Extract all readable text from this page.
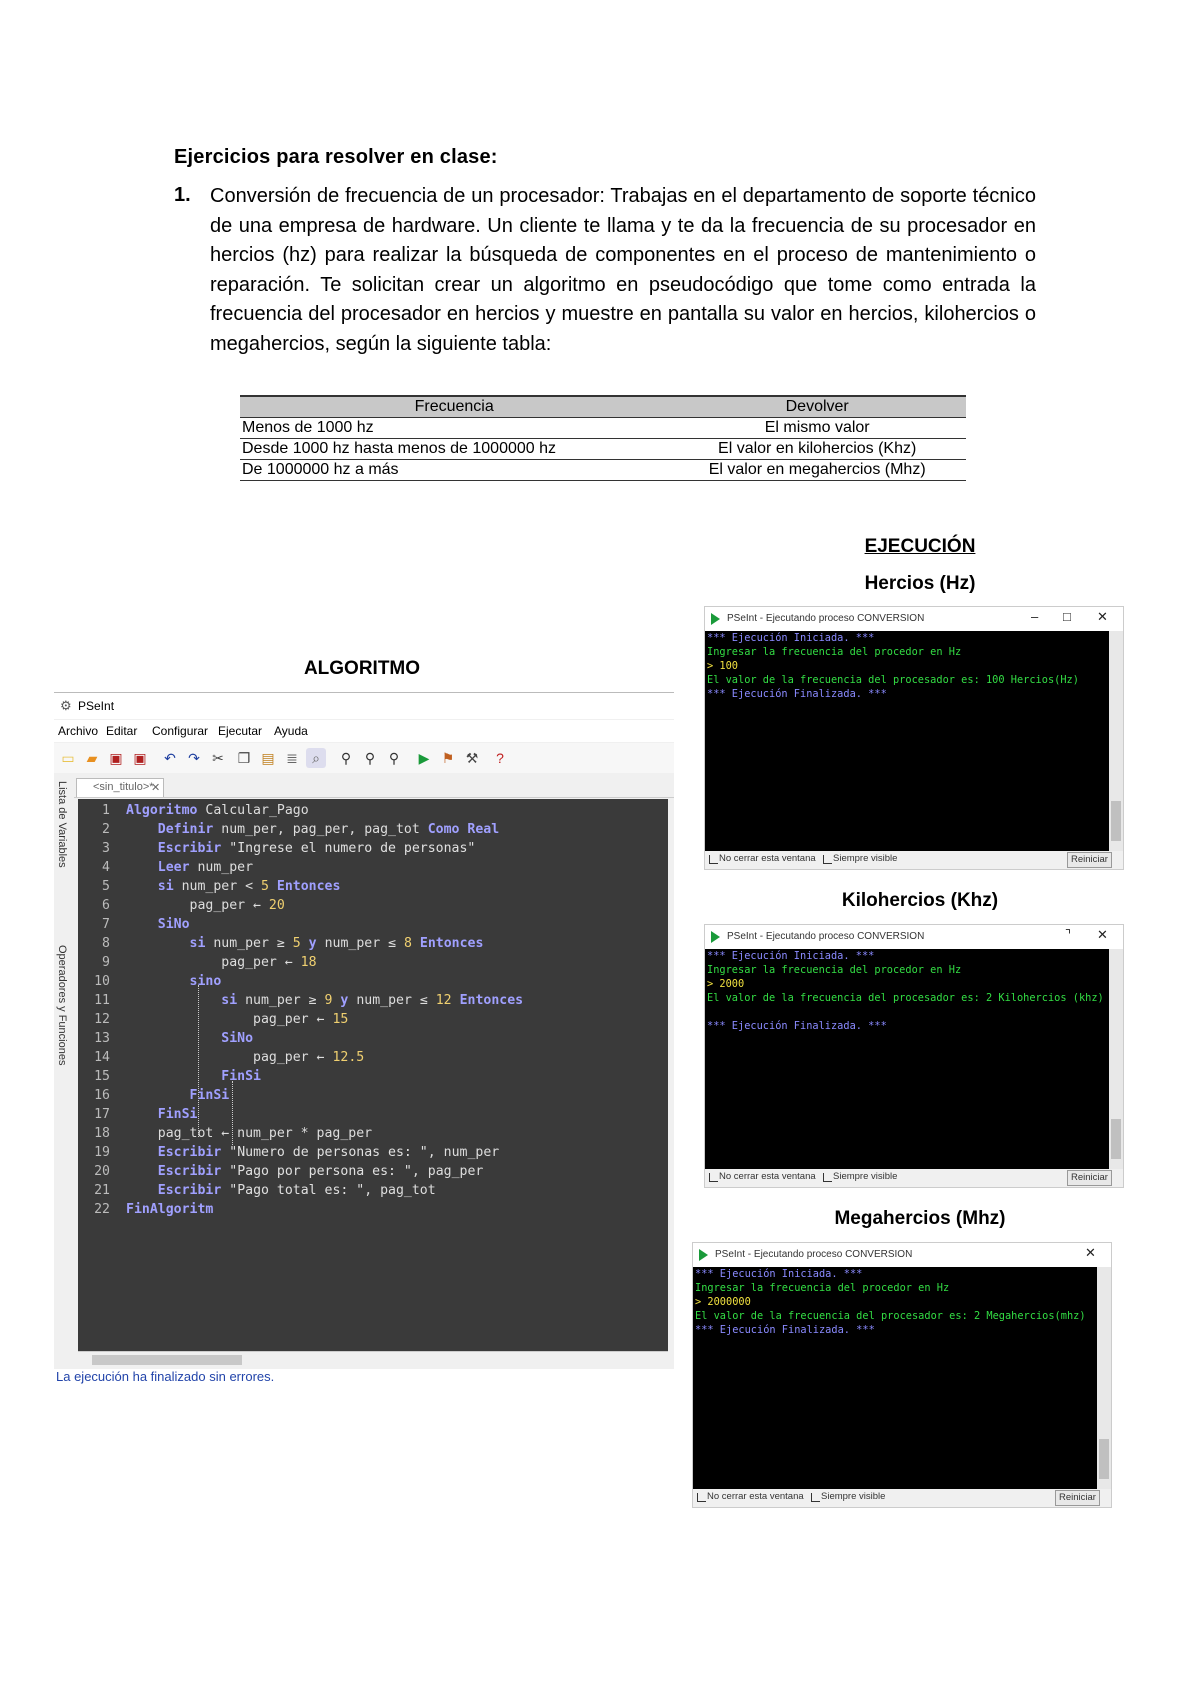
Ejercicios para resolver en clase:
1. Conversión de frecuencia de un procesador: Trabajas en el departamento de soporte técnico de una empresa de hardware. Un cliente te llama y te da la frecuencia de su procesador en hercios (hz) para realizar la búsqueda de componentes en el proceso de mantenimiento o reparación. Te solicitan crear un algoritmo en pseudocódigo que tome como entrada la frecuencia del procesador en hercios y muestre en pantalla su valor en hercios, kilohercios o megahercios, según la siguiente tabla:
Frecuencia	Devolver
Menos de 1000 hz	El mismo valor
Desde 1000 hz hasta menos de 1000000 hz	El valor en kilohercios (Khz)
De 1000000 hz a más	El valor en megahercios (Mhz)
EJECUCIÓN
Hercios (Hz)
ALGORITMO
Kilohercios (Khz)
Megahercios (Mhz)
⚙ PSeInt
Archivo Editar Configurar Ejecutar Ayuda
▭ ▰ ▣ ▣ ↶ ↷ ✂ ❐ ▤ ≣	⌕	⚲ ⚲ ⚲	▶ ⚑ ⚒	?
Lista de Variables
Operadores y Funciones
<sin_titulo>*
✕
1 Algoritmo Calcular_Pago
2	Definir num_per, pag_per, pag_tot Como Real
3	Escribir "Ingrese el numero de personas"
4	Leer num_per
5	si num_per < 5 Entonces
6        pag_per ← 20
7	SiNo
8	si num_per ≥ 5 y num_per ≤ 8 Entonces
9            pag_per ← 18
10	sino
11	si num_per ≥ 9 y num_per ≤ 12 Entonces
12                pag_per ← 15
13	SiNo
14                pag_per ← 12.5
15	FinSi
16	FinSi
17	FinSi
18    pag_tot ← num_per * pag_per
19	Escribir "Numero de personas es: ", num_per
20	Escribir "Pago por persona es: ", pag_per
21	Escribir "Pago total es: ", pag_tot
22 FinAlgoritm
La ejecución ha finalizado sin errores.
PSeInt - Ejecutando proceso CONVERSION	– □ ✕
*** Ejecución Iniciada. ***
Ingresar la frecuencia del procedor en Hz
> 100
El valor de la frecuencia del procesador es: 100 Hercios(Hz)
*** Ejecución Finalizada. ***
No cerrar esta ventana Siempre visible	Reiniciar
PSeInt - Ejecutando proceso CONVERSION	⌝ ✕
*** Ejecución Iniciada. ***
Ingresar la frecuencia del procedor en Hz
> 2000
El valor de la frecuencia del procesador es: 2 Kilohercios (khz)
*** Ejecución Finalizada. ***
No cerrar esta ventana Siempre visible	Reiniciar
PSeInt - Ejecutando proceso CONVERSION	✕
*** Ejecución Iniciada. ***
Ingresar la frecuencia del procedor en Hz
> 2000000
El valor de la frecuencia del procesador es: 2 Megahercios(mhz)
*** Ejecución Finalizada. ***
No cerrar esta ventana Siempre visible	Reiniciar
